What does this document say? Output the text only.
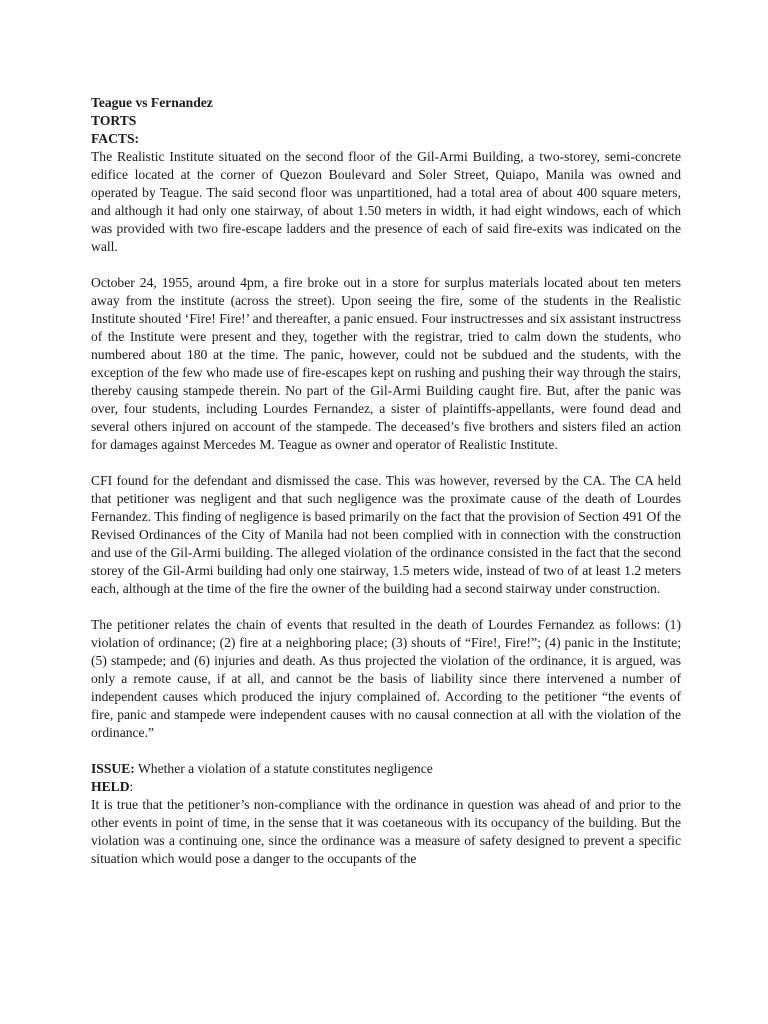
Teague vs Fernandez

TORTS

FACTS:

The Realistic Institute situated on the second floor of the Gil-Armi Building, a two-storey, semi-concrete edifice located at the corner of Quezon Boulevard and Soler Street, Quiapo, Manila was owned and operated by Teague. The said second floor was unpartitioned, had a total area of about 400 square meters, and although it had only one stairway, of about 1.50 meters in width, it had eight windows, each of which was provided with two fire-escape ladders and the presence of each of said fire-exits was indicated on the wall.

October 24, 1955, around 4pm, a fire broke out in a store for surplus materials located about ten meters away from the institute (across the street). Upon seeing the fire, some of the students in the Realistic Institute shouted ‘Fire! Fire!’ and thereafter, a panic ensued. Four instructresses and six assistant instructress of the Institute were present and they, together with the registrar, tried to calm down the students, who numbered about 180 at the time. The panic, however, could not be subdued and the students, with the exception of the few who made use of fire-escapes kept on rushing and pushing their way through the stairs, thereby causing stampede therein. No part of the Gil-Armi Building caught fire. But, after the panic was over, four students, including Lourdes Fernandez, a sister of plaintiffs-appellants, were found dead and several others injured on account of the stampede. The deceased’s five brothers and sisters filed an action for damages against Mercedes M. Teague as owner and operator of Realistic Institute.

CFI found for the defendant and dismissed the case. This was however, reversed by the CA. The CA held that petitioner was negligent and that such negligence was the proximate cause of the death of Lourdes Fernandez. This finding of negligence is based primarily on the fact that the provision of Section 491 Of the Revised Ordinances of the City of Manila had not been complied with in connection with the construction and use of the Gil-Armi building. The alleged violation of the ordinance consisted in the fact that the second storey of the Gil-Armi building had only one stairway, 1.5 meters wide, instead of two of at least 1.2 meters each, although at the time of the fire the owner of the building had a second stairway under construction.

The petitioner relates the chain of events that resulted in the death of Lourdes Fernandez as follows: (1) violation of ordinance; (2) fire at a neighboring place; (3) shouts of “Fire!, Fire!”; (4) panic in the Institute; (5) stampede; and (6) injuries and death. As thus projected the violation of the ordinance, it is argued, was only a remote cause, if at all, and cannot be the basis of liability since there intervened a number of independent causes which produced the injury complained of. According to the petitioner “the events of fire, panic and stampede were independent causes with no causal connection at all with the violation of the ordinance.”

ISSUE: Whether a violation of a statute constitutes negligence

HELD:

It is true that the petitioner’s non-compliance with the ordinance in question was ahead of and prior to the other events in point of time, in the sense that it was coetaneous with its occupancy of the building. But the violation was a continuing one, since the ordinance was a measure of safety designed to prevent a specific situation which would pose a danger to the occupants of the
